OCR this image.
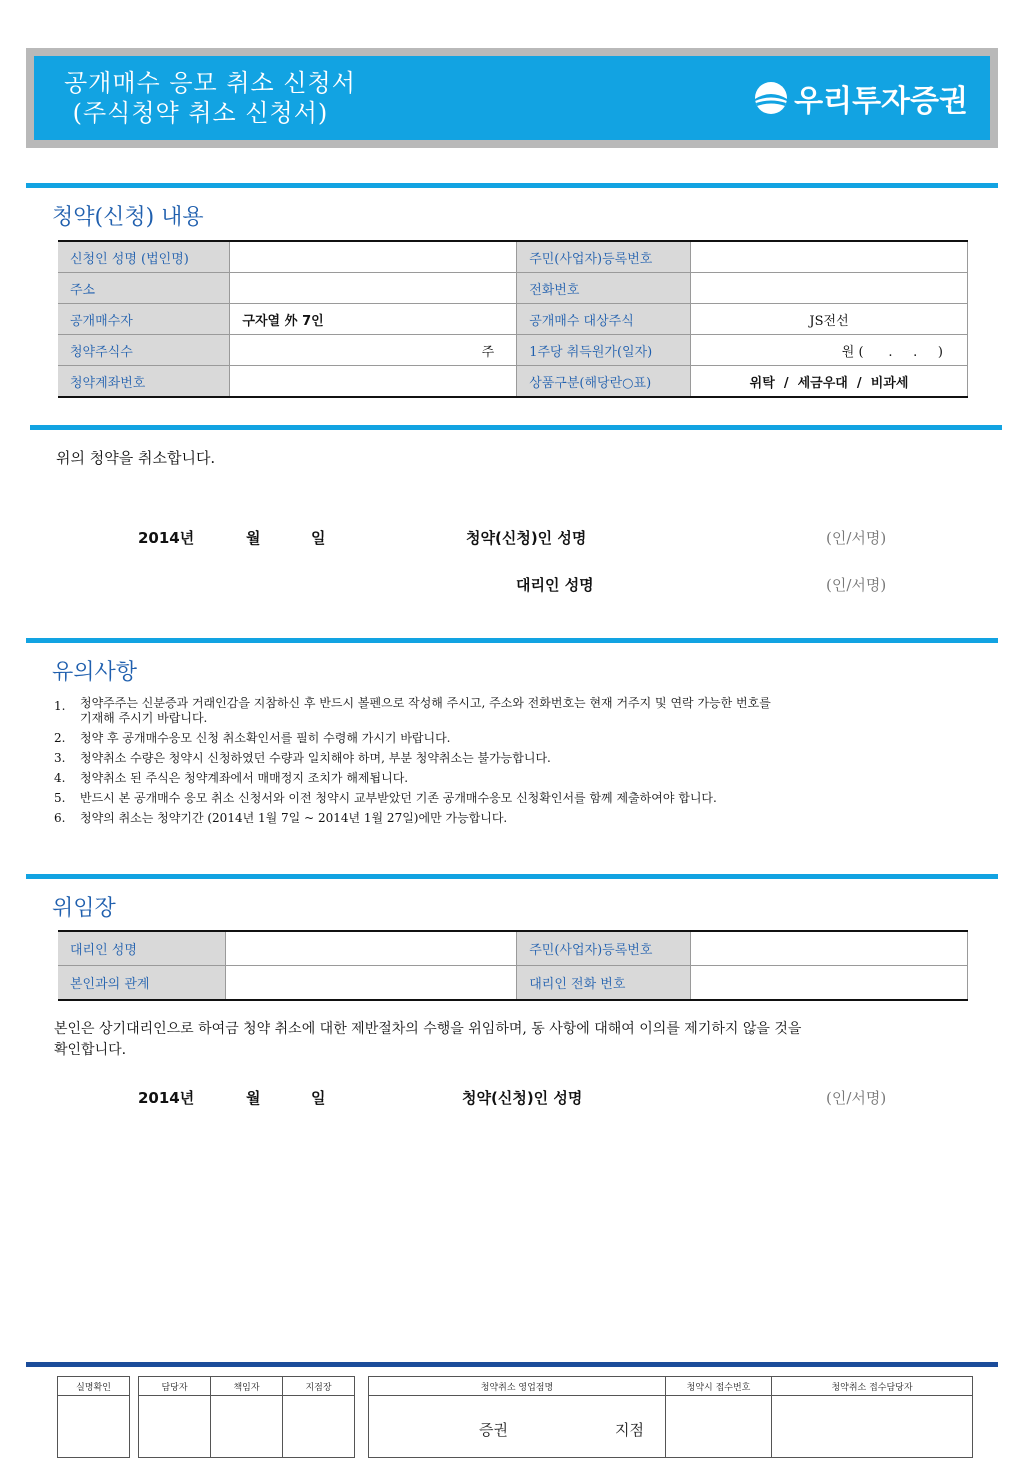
공개매수 응모 취소 신청서
(주식청약 취소 신청서)	우리투자증권
청약(신청) 내용
신청인 성명 (법인명)		주민(사업자)등록번호	
주소		전화번호	
공개매수자	구자열 外 7인	공개매수 대상주식	JS전선
청약주식수	주	1주당 취득원가(일자)	원 (      .     .     )
청약계좌번호		상품구분(해당란○표)	위탁  /  세금우대  /  비과세
위의 청약을 취소합니다.
2014년	월	일	청약(신청)인 성명	(인/서명)
대리인 성명	(인/서명)
유의사항
1. 청약주주는 신분증과 거래인감을 지참하신 후 반드시 볼펜으로 작성해 주시고, 주소와 전화번호는 현재 거주지 및 연락 가능한 번호를
기재해 주시기 바랍니다.
2. 청약 후 공개매수응모 신청 취소확인서를 필히 수령해 가시기 바랍니다.
3. 청약취소 수량은 청약시 신청하였던 수량과 일치해야 하며, 부분 청약취소는 불가능합니다.
4. 청약취소 된 주식은 청약계좌에서 매매정지 조치가 해제됩니다.
5. 반드시 본 공개매수 응모 취소 신청서와 이전 청약시 교부받았던 기존 공개매수응모 신청확인서를 함께 제출하여야 합니다.
6. 청약의 취소는 청약기간 (2014년 1월 7일 ~ 2014년 1월 27일)에만 가능합니다.
위임장
대리인 성명		주민(사업자)등록번호	
본인과의 관계		대리인 전화 번호	
본인은 상기대리인으로 하여금 청약 취소에 대한 제반절차의 수행을 위임하며, 동 사항에 대해여 이의를 제기하지 않을 것을
확인합니다.
2014년	월	일	청약(신청)인 성명	(인/서명)
실명확인	담당자	책임자	지점장	청약취소 영업점명	청약시 접수번호	청약취소 접수담당자
증권	지점
